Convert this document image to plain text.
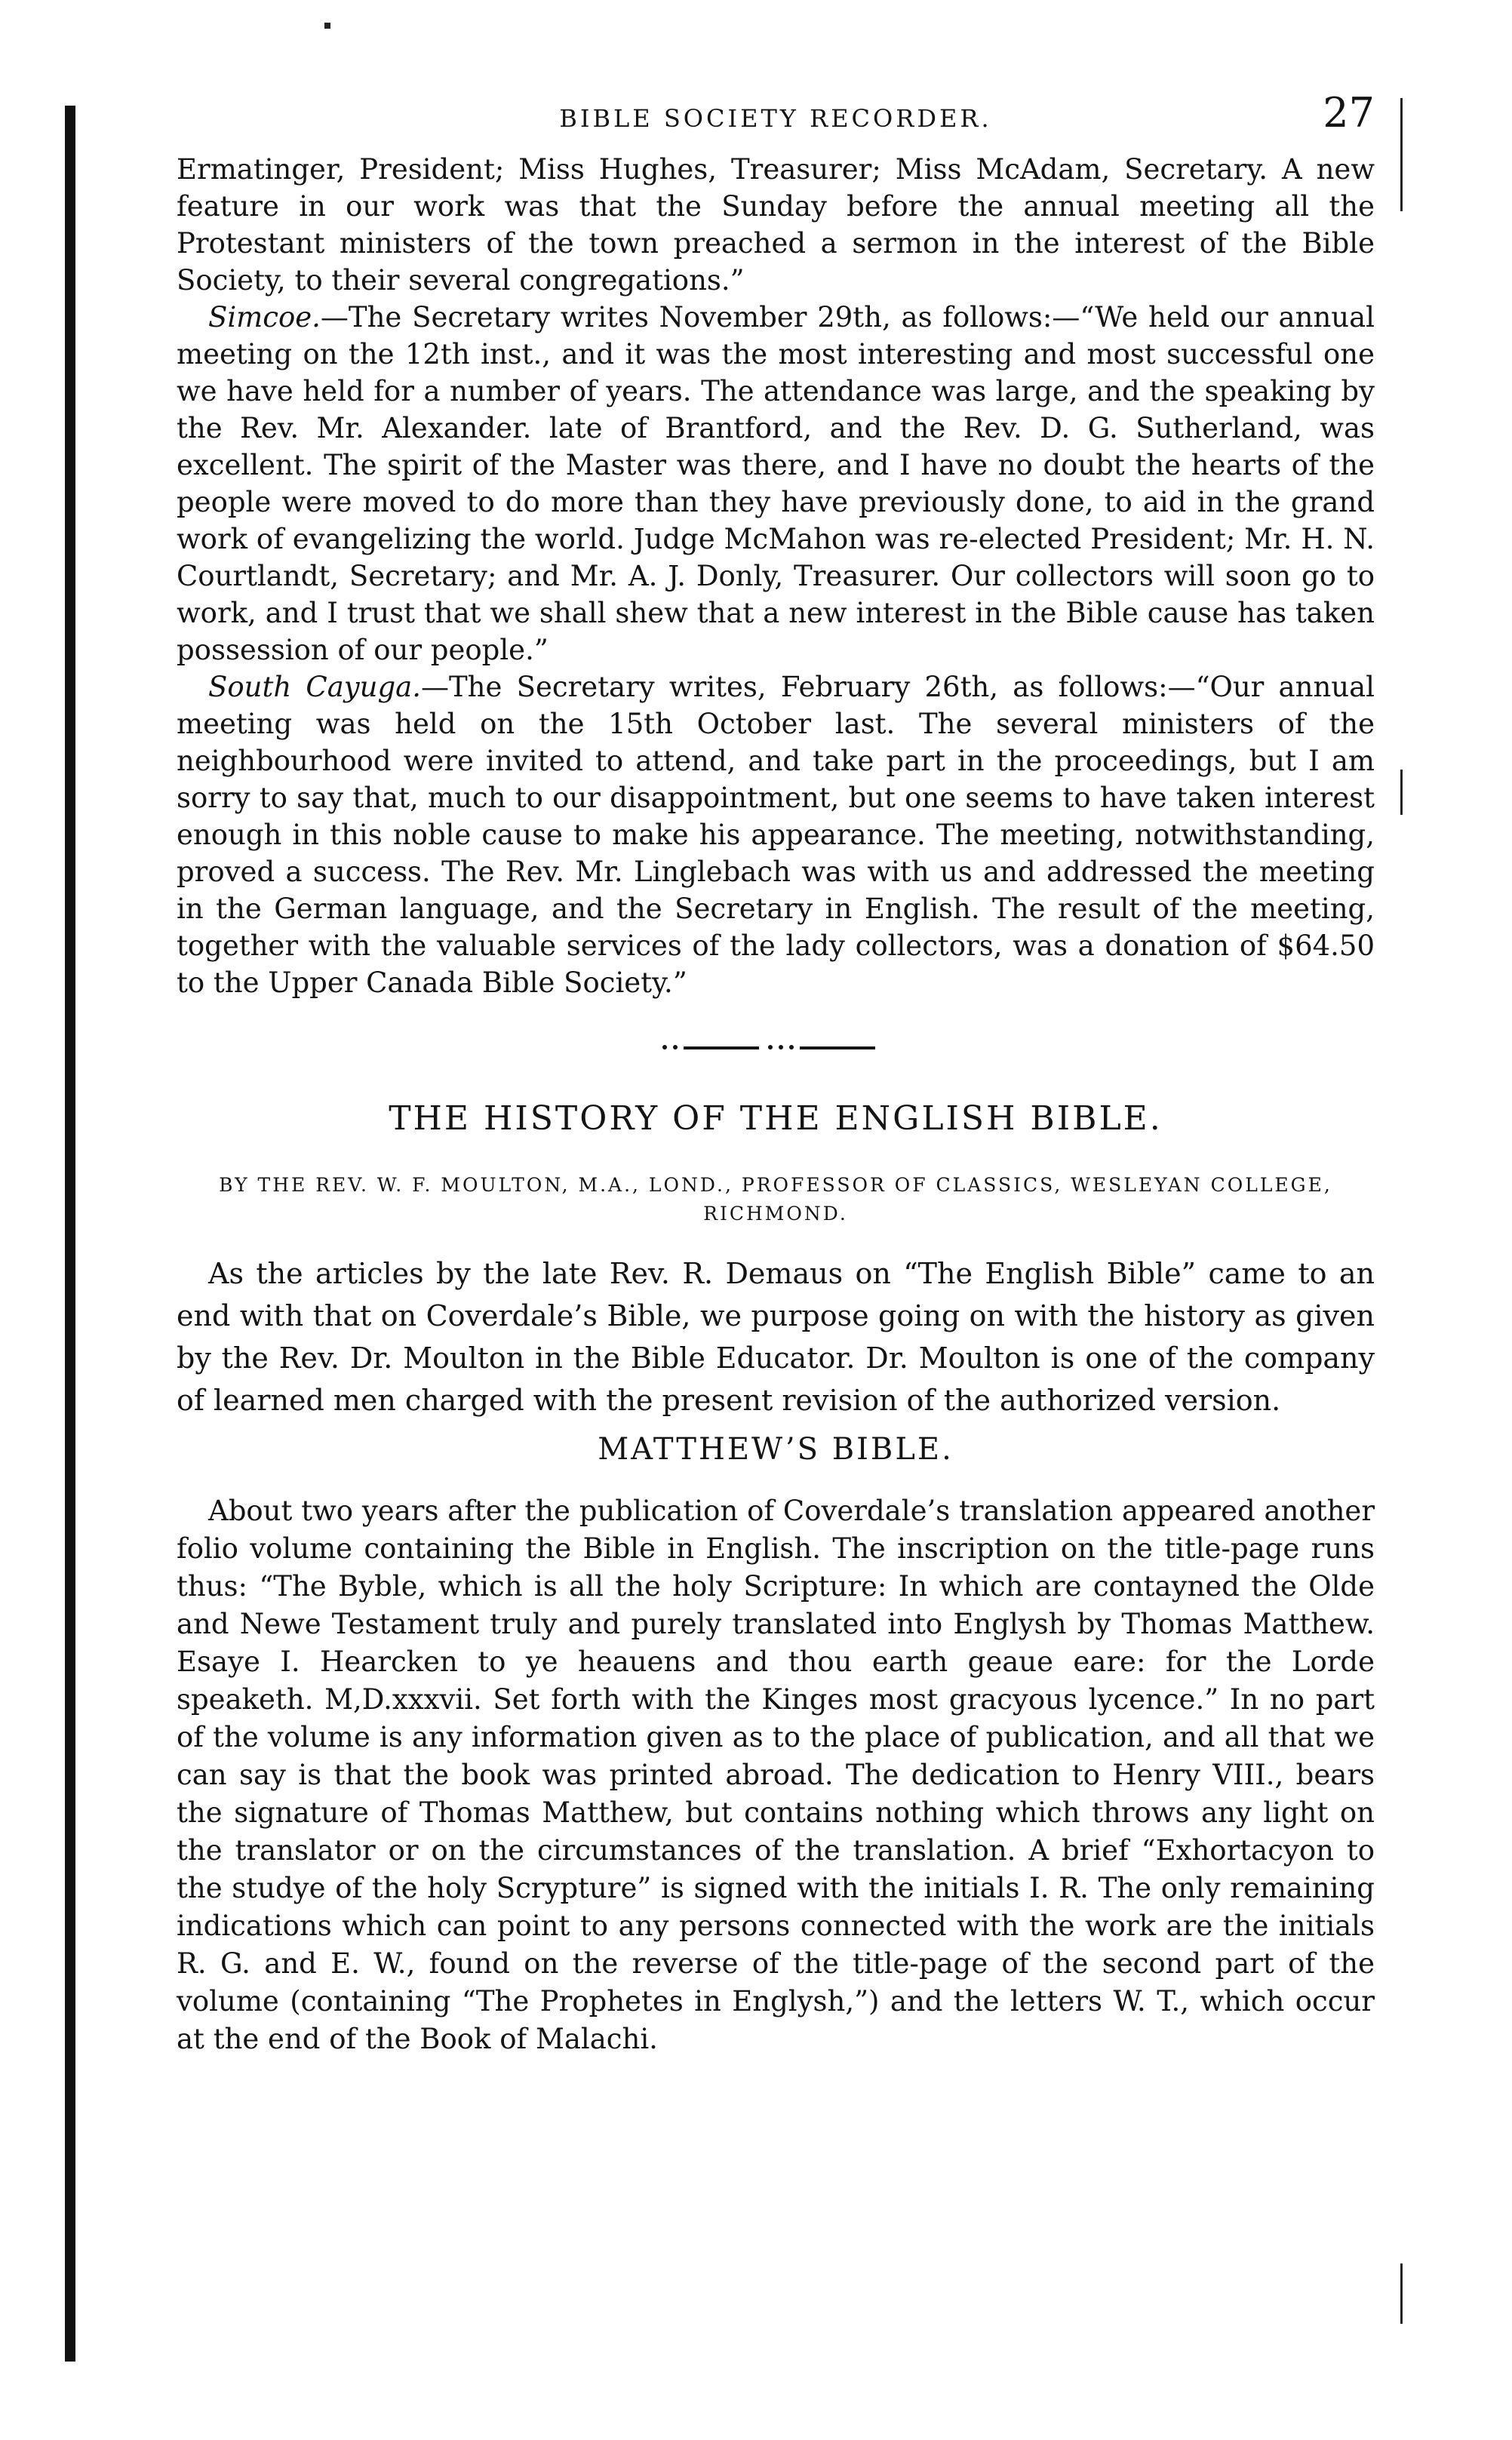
BIBLE SOCIETY RECORDER.	27

Ermatinger, President; Miss Hughes, Treasurer; Miss McAdam, Secretary. A new feature in our work was that the Sunday before the annual meeting all the Protestant ministers of the town preached a sermon in the interest of the Bible Society, to their several congregations.”

Simcoe.—The Secretary writes November 29th, as follows:—“We held our annual meeting on the 12th inst., and it was the most interesting and most successful one we have held for a number of years. The attendance was large, and the speaking by the Rev. Mr. Alexander. late of Brantford, and the Rev. D. G. Sutherland, was excellent. The spirit of the Master was there, and I have no doubt the hearts of the people were moved to do more than they have previously done, to aid in the grand work of evangelizing the world. Judge McMahon was re-elected President; Mr. H. N. Courtlandt, Secretary; and Mr. A. J. Donly, Treasurer. Our collectors will soon go to work, and I trust that we shall shew that a new interest in the Bible cause has taken possession of our people.”

South Cayuga.—The Secretary writes, February 26th, as follows:—“Our annual meeting was held on the 15th October last. The several ministers of the neighbourhood were invited to attend, and take part in the proceedings, but I am sorry to say that, much to our disappointment, but one seems to have taken interest enough in this noble cause to make his appearance. The meeting, notwithstanding, proved a success. The Rev. Mr. Linglebach was with us and addressed the meeting in the German language, and the Secretary in English. The result of the meeting, together with the valuable services of the lady collectors, was a donation of $64.50 to the Upper Canada Bible Society.”

THE HISTORY OF THE ENGLISH BIBLE.
BY THE REV. W. F. MOULTON, M.A., LOND., PROFESSOR OF CLASSICS, WESLEYAN COLLEGE, RICHMOND.

As the articles by the late Rev. R. Demaus on “The English Bible” came to an end with that on Coverdale’s Bible, we purpose going on with the history as given by the Rev. Dr. Moulton in the Bible Educator. Dr. Moulton is one of the company of learned men charged with the present revision of the authorized version.

MATTHEW’S BIBLE.

About two years after the publication of Coverdale’s translation appeared another folio volume containing the Bible in English. The inscription on the title-page runs thus: “The Byble, which is all the holy Scripture: In which are contayned the Olde and Newe Testament truly and purely translated into Englysh by Thomas Matthew. Esaye I. Hearcken to ye heauens and thou earth geaue eare: for the Lorde speaketh. M,D.xxxvii. Set forth with the Kinges most gracyous lycence.” In no part of the volume is any information given as to the place of publication, and all that we can say is that the book was printed abroad. The dedication to Henry VIII., bears the signature of Thomas Matthew, but contains nothing which throws any light on the translator or on the circumstances of the translation. A brief “Exhortacyon to the studye of the holy Scrypture” is signed with the initials I. R. The only remaining indications which can point to any persons connected with the work are the initials R. G. and E. W., found on the reverse of the title-page of the second part of the volume (containing “The Prophetes in Englysh,”) and the letters W. T., which occur at the end of the Book of Malachi.
